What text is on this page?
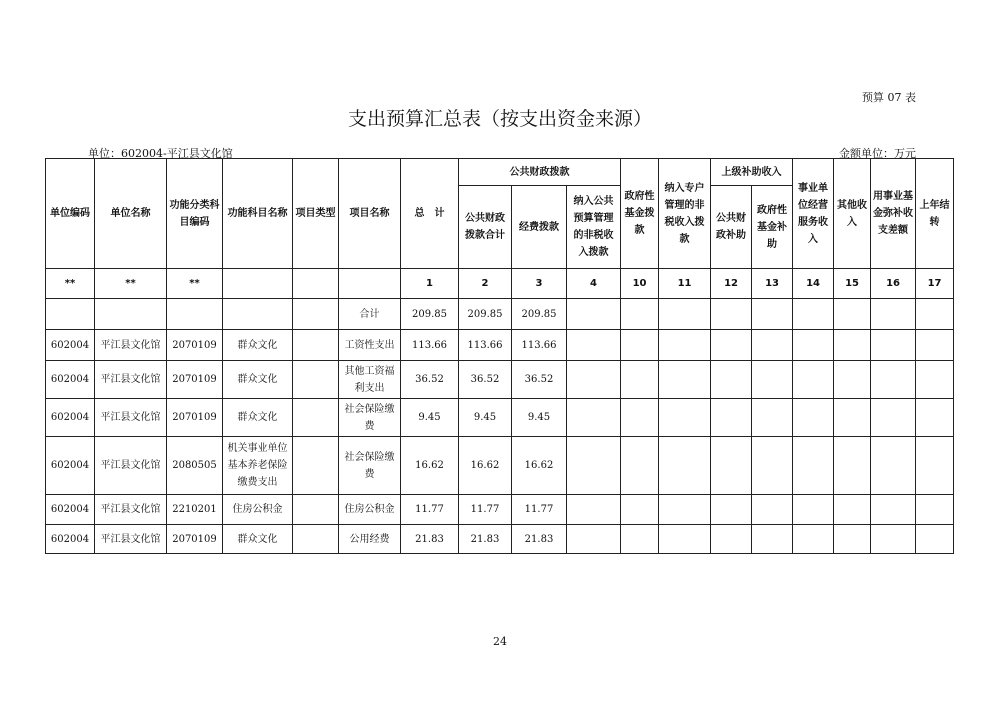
预算 07 表
支出预算汇总表（按支出资金来源）
单位：602004-平江县文化馆	金额单位：万元
单位编码	单位名称	功能分类科目编码	功能科目名称	项目类型	项目名称	总　计	公共财政拨款			政府性基金拨款	纳入专户管理的非税收入拨款	上级补助收入		事业单位经营服务收入	其他收入	用事业基金弥补收支差额	上年结转
							公共财政拨款合计	经费拨款	纳入公共预算管理的非税收入拨款			公共财政补助	政府性基金补助				
**	**	**				1	2	3	4	10	11	12	13	14	15	16	17
					合计	209.85	209.85	209.85									
602004	平江县文化馆	2070109	群众文化		工资性支出	113.66	113.66	113.66									
602004	平江县文化馆	2070109	群众文化		其他工资福利支出	36.52	36.52	36.52									
602004	平江县文化馆	2070109	群众文化		社会保险缴费	9.45	9.45	9.45									
602004	平江县文化馆	2080505	机关事业单位基本养老保险缴费支出		社会保险缴费	16.62	16.62	16.62									
602004	平江县文化馆	2210201	住房公积金		住房公积金	11.77	11.77	11.77									
602004	平江县文化馆	2070109	群众文化		公用经费	21.83	21.83	21.83									
24
